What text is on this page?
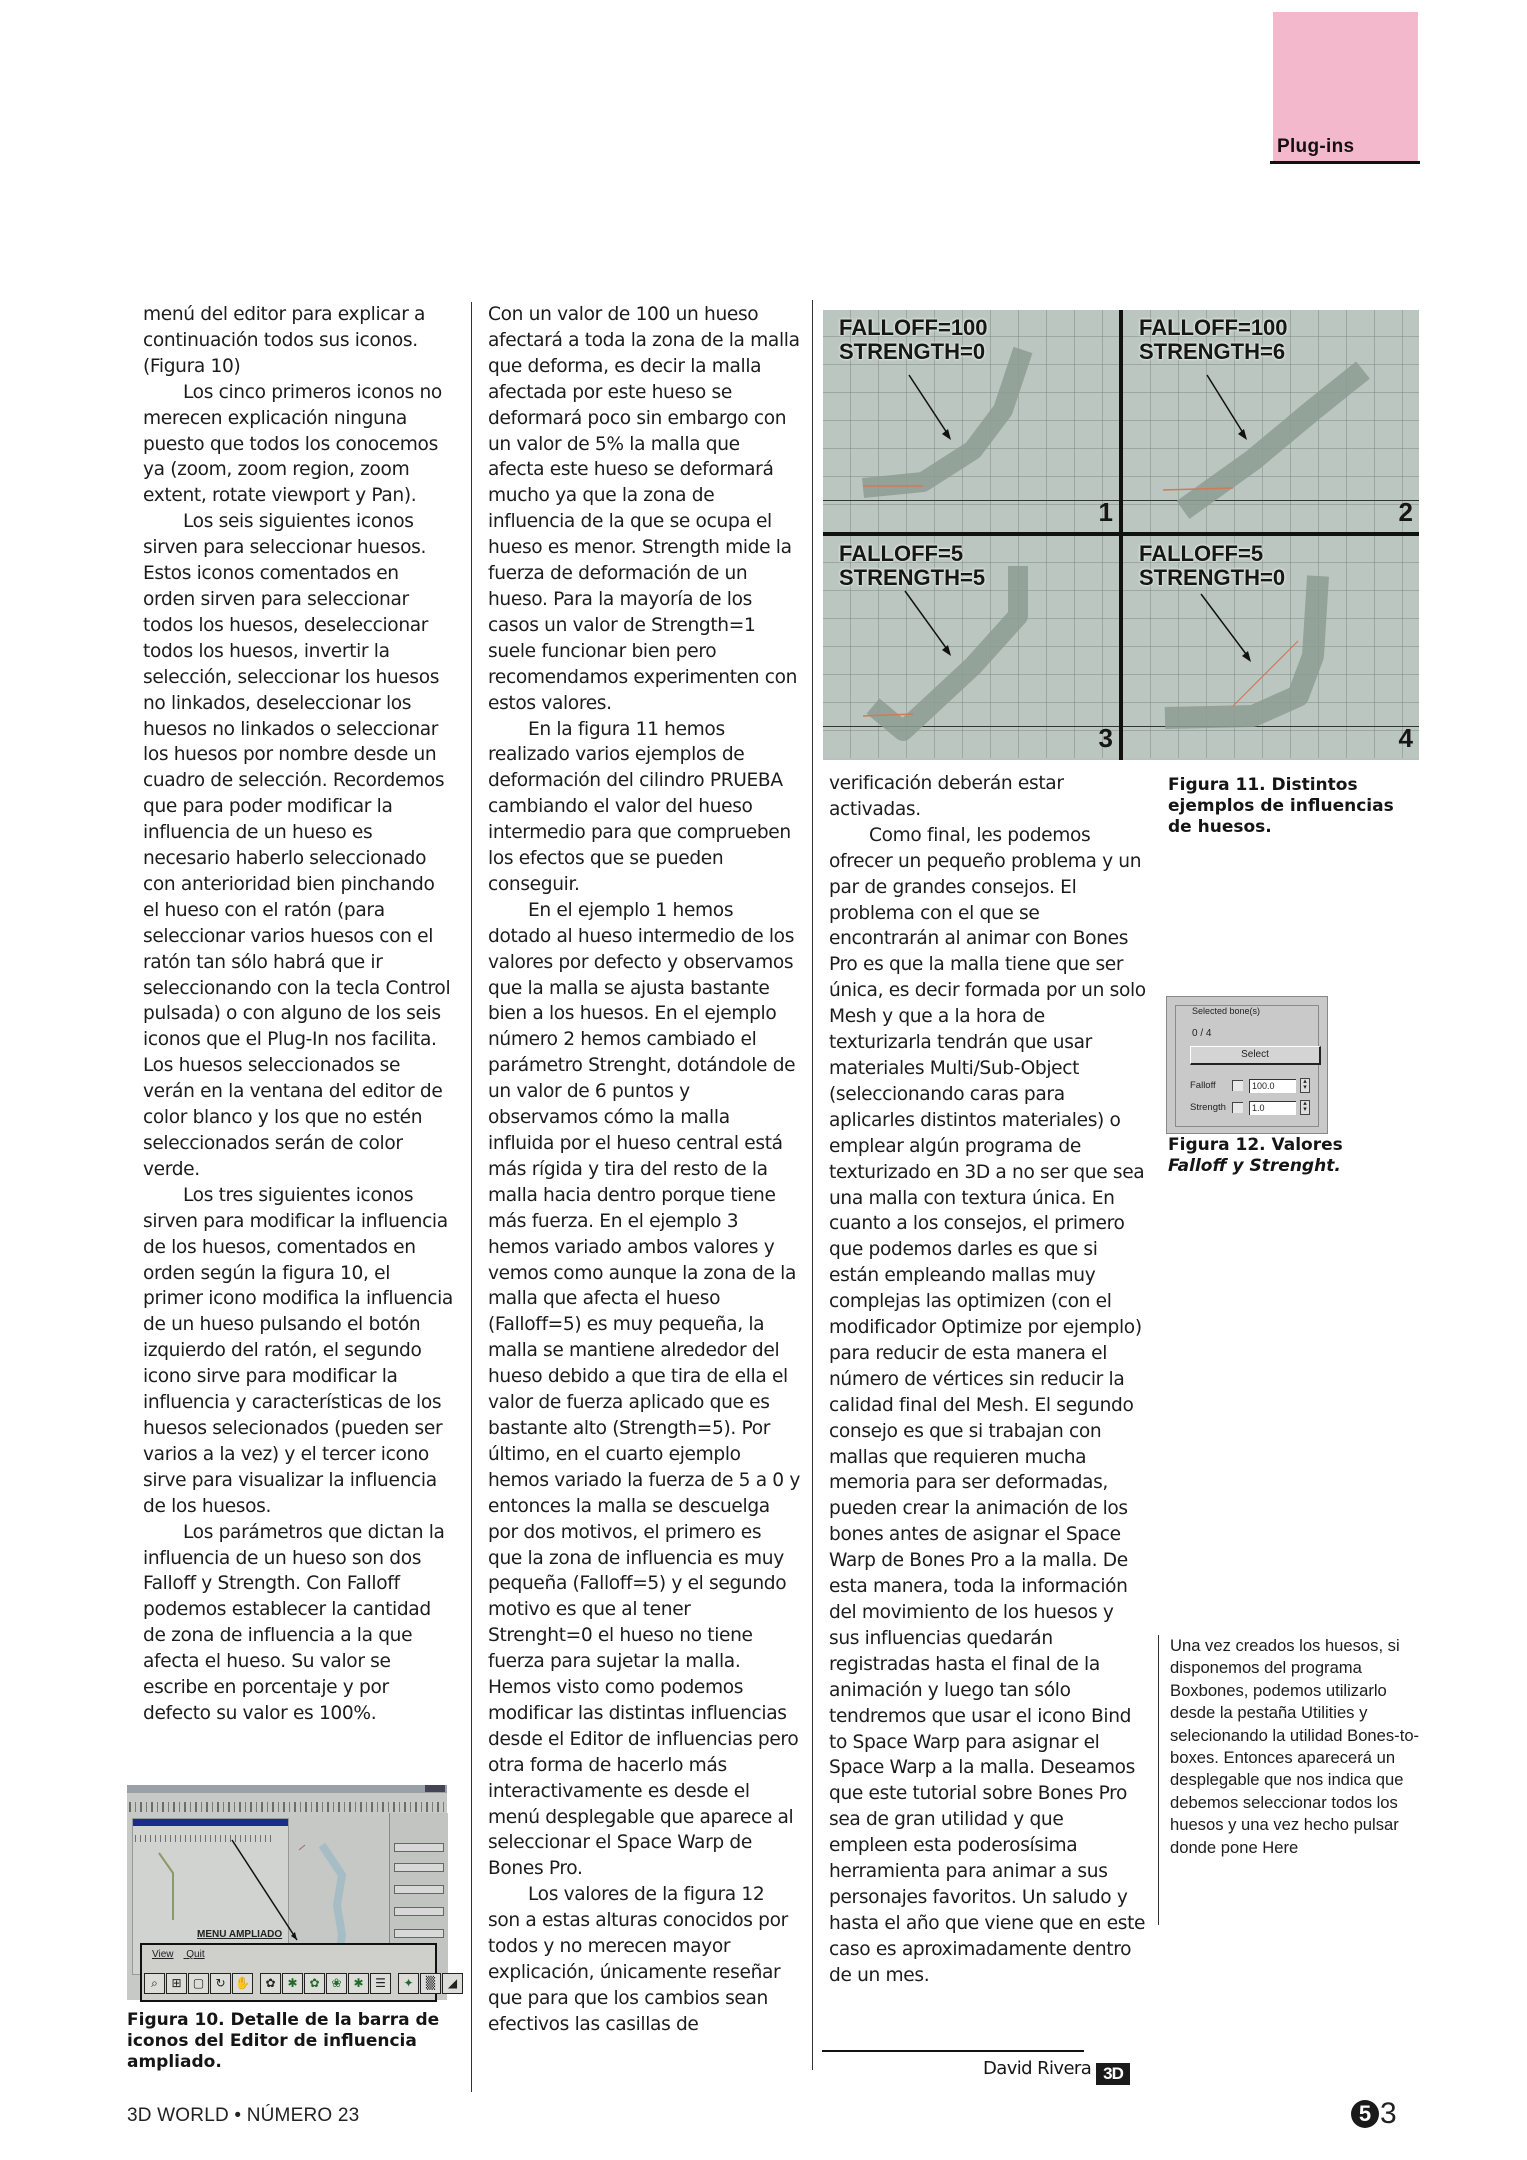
Plug-ins

menú del editor para explicar a continuación todos sus iconos. (Figura 10)

Los cinco primeros iconos no merecen explicación ninguna puesto que todos los conocemos ya (zoom, zoom region, zoom extent, rotate viewport y Pan).

Los seis siguientes iconos sirven para seleccionar huesos. Estos iconos comentados en orden sirven para seleccionar todos los huesos, deseleccionar todos los huesos, invertir la selección, seleccionar los huesos no linkados, deseleccionar los huesos no linkados o seleccionar los huesos por nombre desde un cuadro de selección. Recordemos que para poder modificar la influencia de un hueso es necesario haberlo seleccionado con anterioridad bien pinchando el hueso con el ratón (para seleccionar varios huesos con el ratón tan sólo habrá que ir seleccionando con la tecla Control pulsada) o con alguno de los seis iconos que el Plug-In nos facilita. Los huesos seleccionados se verán en la ventana del editor de color blanco y los que no estén seleccionados serán de color verde.

Los tres siguientes iconos sirven para modificar la influencia de los huesos, comentados en orden según la figura 10, el primer icono modifica la influencia de un hueso pulsando el botón izquierdo del ratón, el segundo icono sirve para modificar la influencia y características de los huesos selecionados (pueden ser varios a la vez) y el tercer icono sirve para visualizar la influencia de los huesos.

Los parámetros que dictan la influencia de un hueso son dos Falloff y Strength. Con Falloff podemos establecer la cantidad de zona de influencia a la que afecta el hueso. Su valor se escribe en porcentaje y por defecto su valor es 100%.

MENU AMPLIADO
View Quit
⌕	⊞ ▢ ↻ ✋	✿ ✱ ✿ ❀ ✱ ☰	✦	▒	◢
Figura 10. Detalle de la barra de iconos del Editor de influencia ampliado.
3D WORLD • NÚMERO 23

Con un valor de 100 un hueso afectará a toda la zona de la malla que deforma, es decir la malla afectada por este hueso se deformará poco sin embargo con un valor de 5% la malla que afecta este hueso se deformará mucho ya que la zona de influencia de la que se ocupa el hueso es menor. Strength mide la fuerza de deformación de un hueso. Para la mayoría de los casos un valor de Strength=1 suele funcionar bien pero recomendamos experimenten con estos valores.

En la figura 11 hemos realizado varios ejemplos de deformación del cilindro PRUEBA cambiando el valor del hueso intermedio para que comprueben los efectos que se pueden conseguir.

En el ejemplo 1 hemos dotado al hueso intermedio de los valores por defecto y observamos que la malla se ajusta bastante bien a los huesos. En el ejemplo número 2 hemos cambiado el parámetro Strenght, dotándole de un valor de 6 puntos y observamos cómo la malla influida por el hueso central está más rígida y tira del resto de la malla hacia dentro porque tiene más fuerza. En el ejemplo 3 hemos variado ambos valores y vemos como aunque la zona de la malla que afecta el hueso (Falloff=5) es muy pequeña, la malla se mantiene alrededor del hueso debido a que tira de ella el valor de fuerza aplicado que es bastante alto (Strength=5). Por último, en el cuarto ejemplo hemos variado la fuerza de 5 a 0 y entonces la malla se descuelga por dos motivos, el primero es que la zona de influencia es muy pequeña (Falloff=5) y el segundo motivo es que al tener Strenght=0 el hueso no tiene fuerza para sujetar la malla. Hemos visto como podemos modificar las distintas influencias desde el Editor de influencias pero otra forma de hacerlo más interactivamente es desde el menú desplegable que aparece al seleccionar el Space Warp de Bones Pro.

Los valores de la figura 12 son a estas alturas conocidos por todos y no merecen mayor explicación, únicamente reseñar que para que los cambios sean efectivos las casillas de

FALLOFF=100
STRENGTH=0
1
FALLOFF=100
STRENGTH=6
2
FALLOFF=5
STRENGTH=5
3
FALLOFF=5
STRENGTH=0
4
Figura 11. Distintos ejemplos de influencias de huesos.
Selected bone(s)
0 / 4
Select
Falloff	100.0	▴
▾
Strength	1.0	▴
▾
Figura 12. Valores
Falloff y Strenght.

verificación deberán estar activadas.

Como final, les podemos ofrecer un pequeño problema y un par de grandes consejos. El problema con el que se encontrarán al animar con Bones Pro es que la malla tiene que ser única, es decir formada por un solo Mesh y que a la hora de texturizarla tendrán que usar materiales Multi/Sub-Object (seleccionando caras para aplicarles distintos materiales) o emplear algún programa de texturizado en 3D a no ser que sea una malla con textura única. En cuanto a los consejos, el primero que podemos darles es que si están empleando mallas muy complejas las optimizen (con el modificador Optimize por ejemplo) para reducir de esta manera el número de vértices sin reducir la calidad final del Mesh. El segundo consejo es que si trabajan con mallas que requieren mucha memoria para ser deformadas, pueden crear la animación de los bones antes de asignar el Space Warp de Bones Pro a la malla. De esta manera, toda la información del movimiento de los huesos y sus influencias quedarán registradas hasta el final de la animación y luego tan sólo tendremos que usar el icono Bind to Space Warp para asignar el Space Warp a la malla. Deseamos que este tutorial sobre Bones Pro sea de gran utilidad y que empleen esta poderosísima herramienta para animar a sus personajes favoritos. Un saludo y hasta el año que viene que en este caso es aproximadamente dentro de un mes.

Una vez creados los huesos, si disponemos del programa Boxbones, podemos utilizarlo desde la pestaña Utilities y selecionando la utilidad Bones-to-boxes. Entonces aparecerá un desplegable que nos indica que debemos seleccionar todos los huesos y una vez hecho pulsar donde pone Here
David Rivera 3D
5 3
